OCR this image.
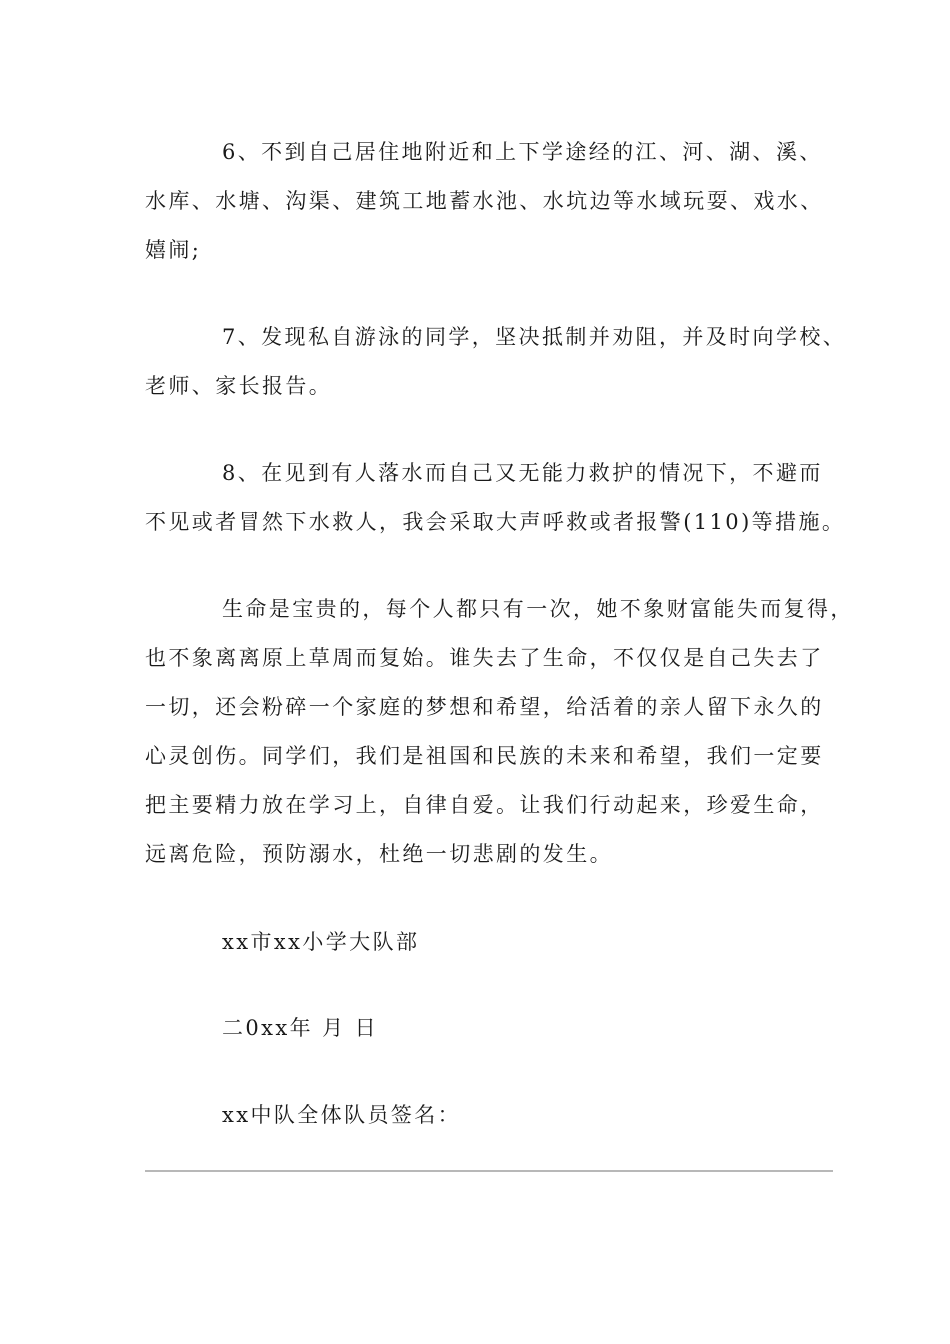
6、不到自己居住地附近和上下学途经的江、河、湖、溪、
水库、水塘、沟渠、建筑工地蓄水池、水坑边等水域玩耍、戏水、
嬉闹;
7、发现私自游泳的同学，坚决抵制并劝阻，并及时向学校、
老师、家长报告。
8、在见到有人落水而自己又无能力救护的情况下，不避而
不见或者冒然下水救人，我会采取大声呼救或者报警(110)等措施。
生命是宝贵的，每个人都只有一次，她不象财富能失而复得，
也不象离离原上草周而复始。谁失去了生命，不仅仅是自己失去了
一切，还会粉碎一个家庭的梦想和希望，给活着的亲人留下永久的
心灵创伤。同学们，我们是祖国和民族的未来和希望，我们一定要
把主要精力放在学习上，自律自爱。让我们行动起来，珍爱生命，
远离危险，预防溺水，杜绝一切悲剧的发生。
xx市xx小学大队部
二0xx年 月 日
xx中队全体队员签名：
